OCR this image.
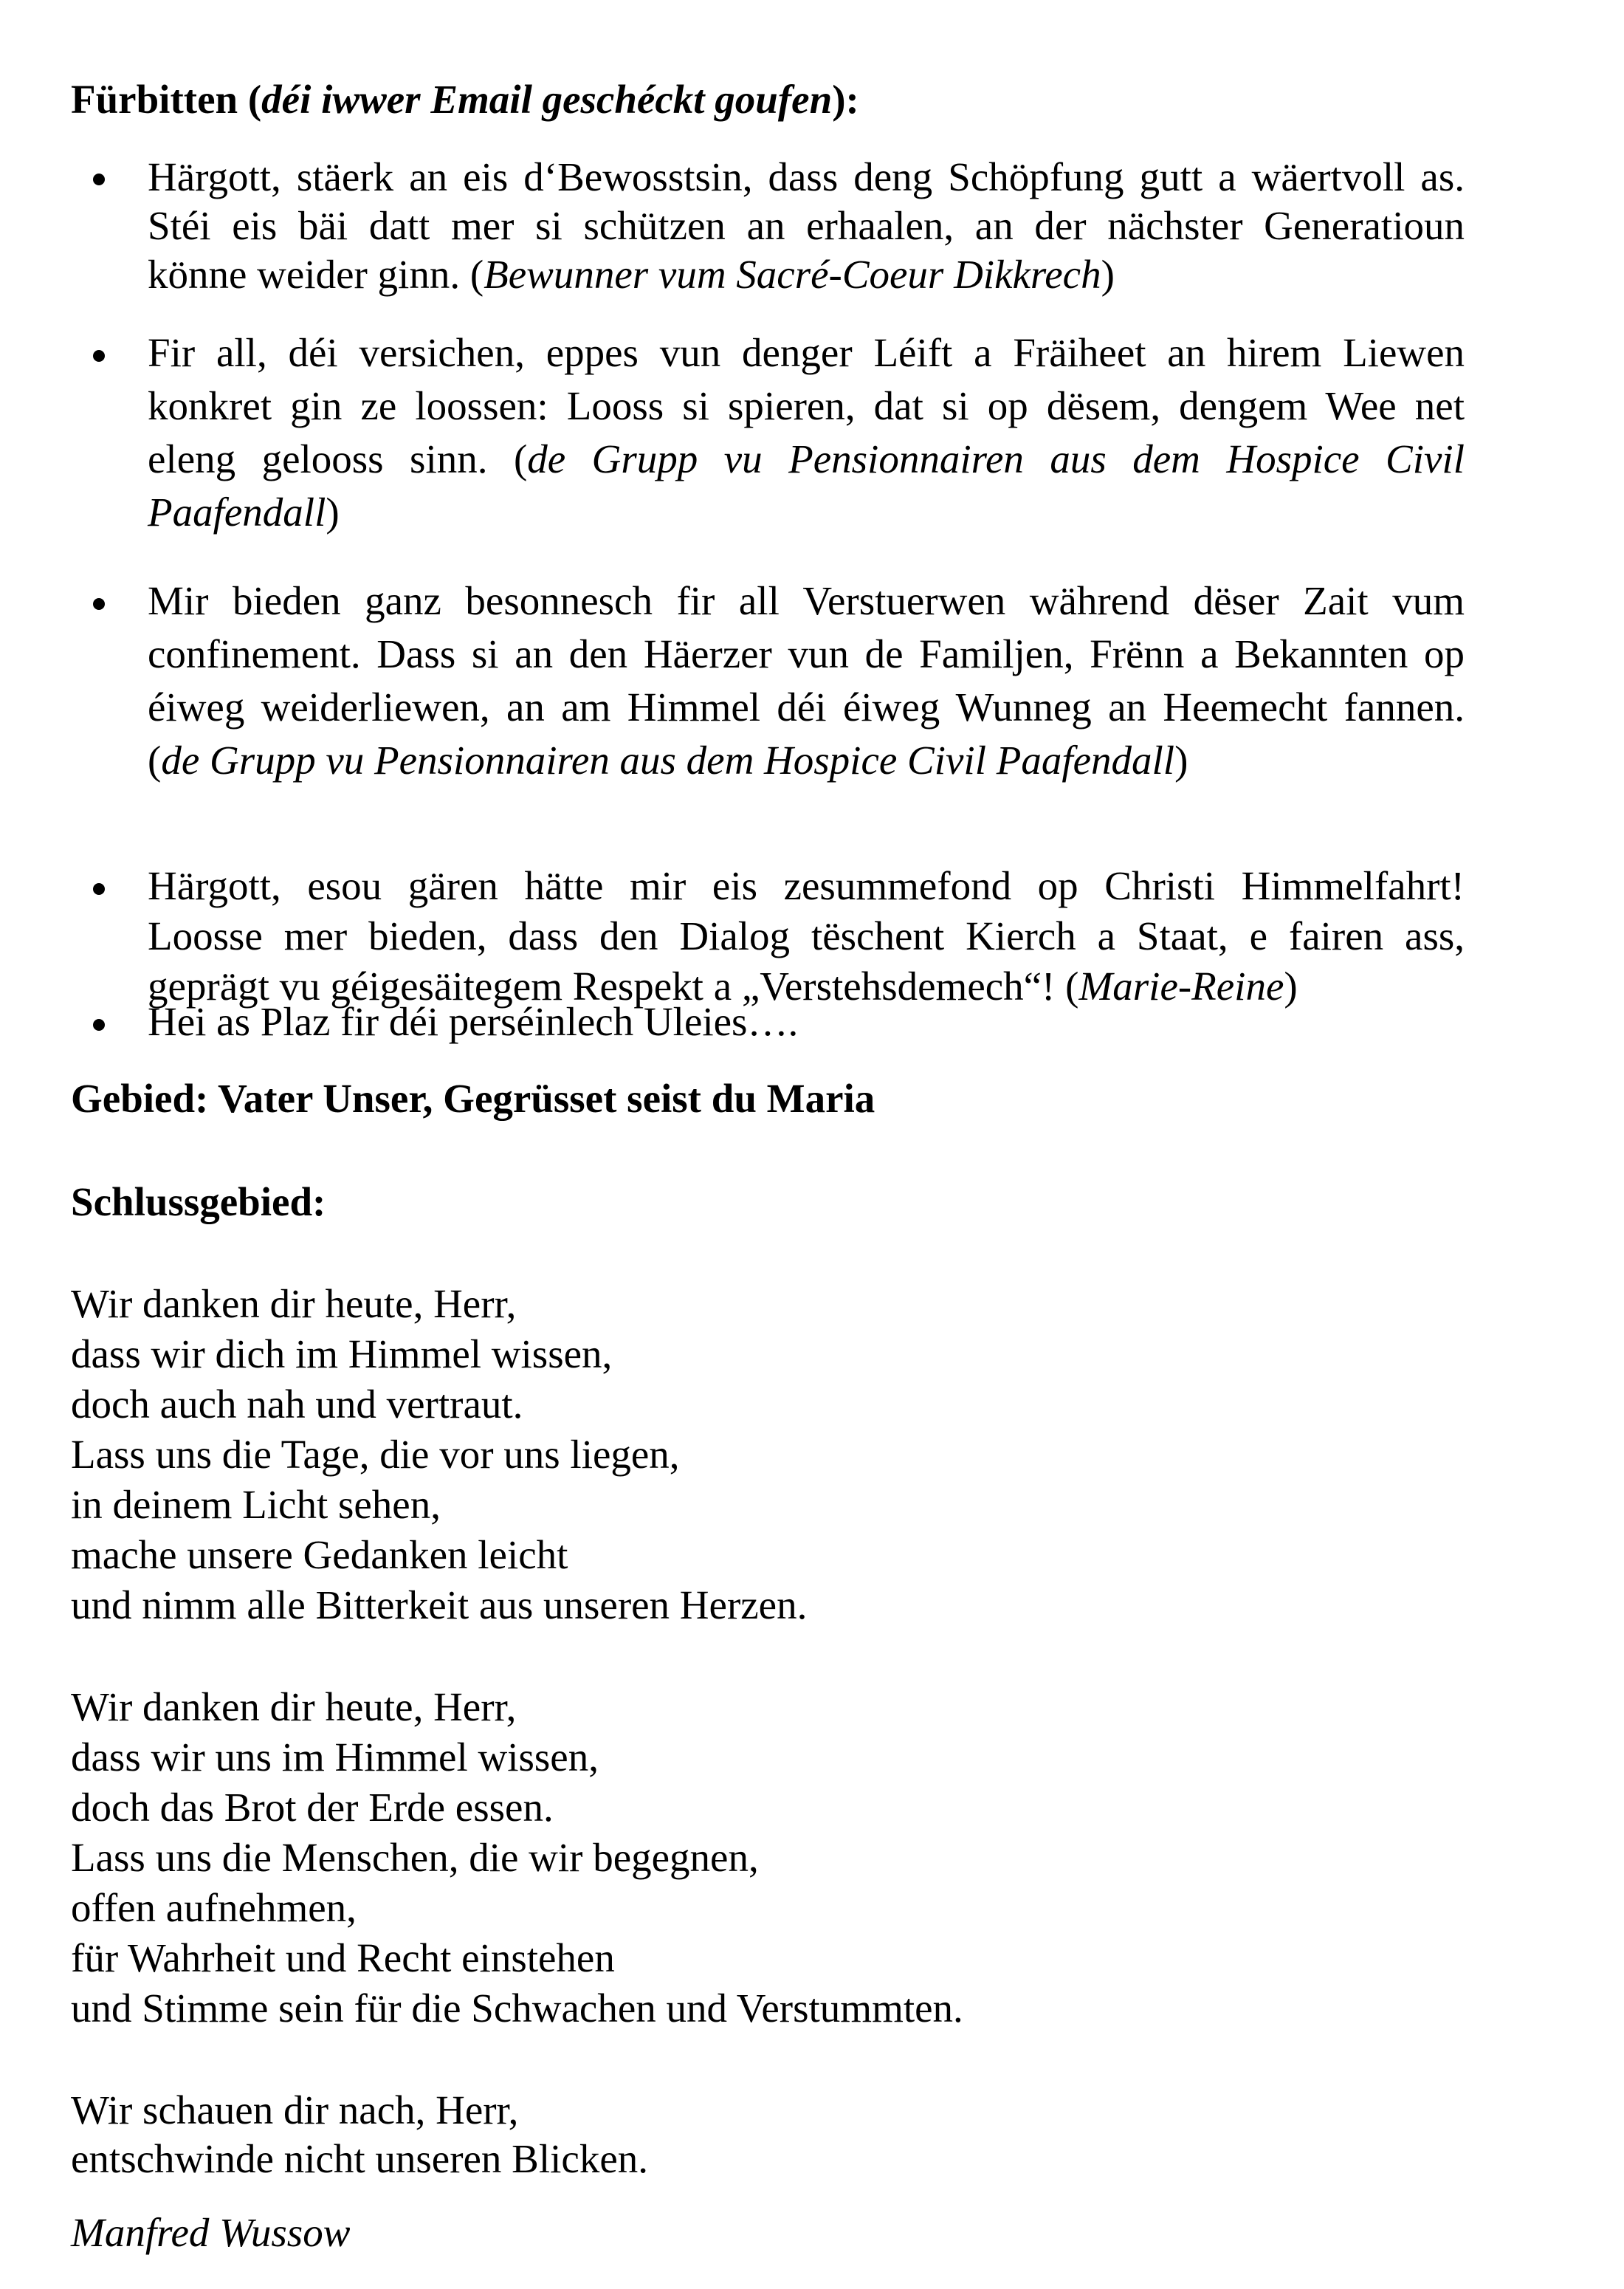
Fürbitten (déi iwwer Email geschéckt goufen):
Härgott, stäerk an eis d‘Bewosstsin, dass deng Schöpfung gutt a wäertvoll as.
Stéi eis bäi datt mer si schützen an erhaalen, an der nächster Generatioun
könne weider ginn. (Bewunner vum Sacré-Coeur Dikkrech)
Fir all, déi versichen, eppes vun denger Léift a Fräiheet an hirem Liewen
konkret gin ze loossen: Looss si spieren, dat si op dësem, dengem Wee net
eleng gelooss sinn. (de Grupp vu Pensionnairen aus dem Hospice Civil
Paafendall)
Mir bieden ganz besonnesch fir all Verstuerwen während dëser Zait vum
confinement. Dass si an den Häerzer vun de Familjen, Frënn a Bekannten op
éiweg weiderliewen, an am Himmel déi éiweg Wunneg an Heemecht fannen.
(de Grupp vu Pensionnairen aus dem Hospice Civil Paafendall)
Härgott, esou gären hätte mir eis zesummefond op Christi Himmelfahrt!
Loosse mer bieden, dass den Dialog tëschent Kierch a Staat, e fairen ass,
geprägt vu géigesäitegem Respekt a „Verstehsdemech“! (Marie-Reine)
Hei as Plaz fir déi perséinlech Uleies….
Gebied: Vater Unser, Gegrüsset seist du Maria
Schlussgebied:
Wir danken dir heute, Herr,
dass wir dich im Himmel wissen,
doch auch nah und vertraut.
Lass uns die Tage, die vor uns liegen,
in deinem Licht sehen,
mache unsere Gedanken leicht
und nimm alle Bitterkeit aus unseren Herzen.
Wir danken dir heute, Herr,
dass wir uns im Himmel wissen,
doch das Brot der Erde essen.
Lass uns die Menschen, die wir begegnen,
offen aufnehmen,
für Wahrheit und Recht einstehen
und Stimme sein für die Schwachen und Verstummten.
Wir schauen dir nach, Herr,
entschwinde nicht unseren Blicken.
Manfred Wussow
